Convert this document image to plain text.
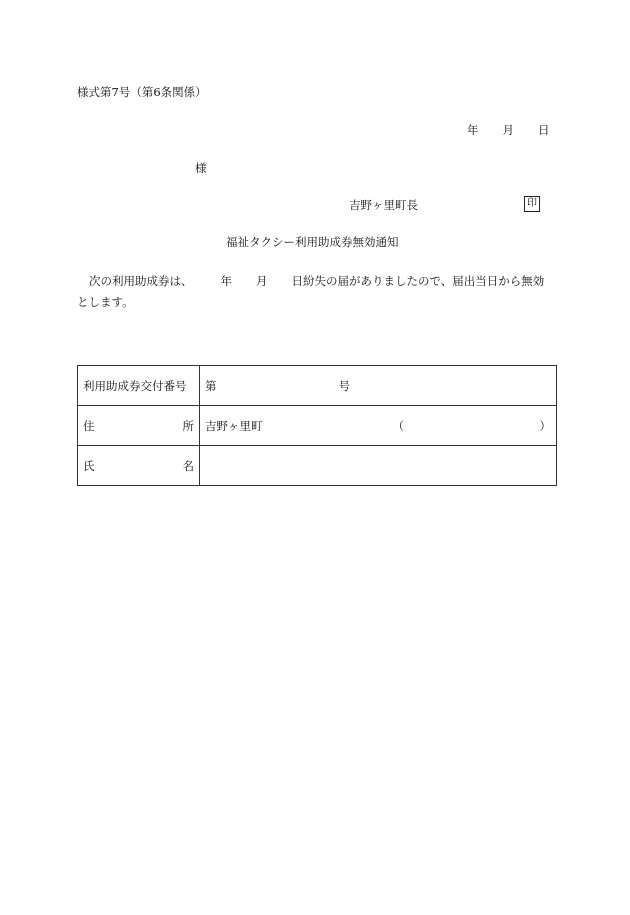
様式第7号（第6条関係）
年 月 日
様
吉野ヶ里町長	印
福祉タクシー利用助成券無効通知
次の利用助成券は、 年 月 日紛失の届がありましたので、届出当日から無効
とします。
利用助成券交付番号	第 号

住 所	吉野ヶ里町 （ ）

氏 名	
